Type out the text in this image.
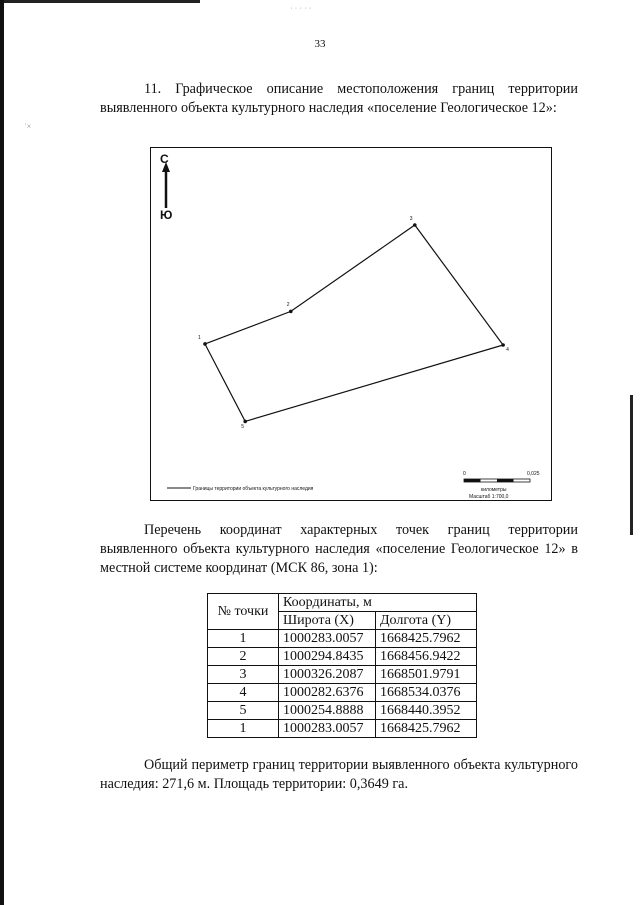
˙ ˙ ˙ ˙ ˙
˙×
33
11. Графическое описание местоположения границ территории выявленного объекта культурного наследия «поселение Геологическое 12»:
С
Ю
Границы территории объекта культурного наследия
0	0,025
километры
Масштаб 1:700,0
1
2
3
4
5
Перечень координат характерных точек границ территории выявленного объекта культурного наследия «поселение Геологическое 12» в местной системе координат (МСК 86, зона 1):
№ точки	Координаты, м	
	Широта (X)	Долгота (Y)
1	1000283.0057	1668425.7962
2	1000294.8435	1668456.9422
3	1000326.2087	1668501.9791
4	1000282.6376	1668534.0376
5	1000254.8888	1668440.3952
1	1000283.0057	1668425.7962
Общий периметр границ территории выявленного объекта культурного наследия: 271,6 м. Площадь территории: 0,3649 га.
